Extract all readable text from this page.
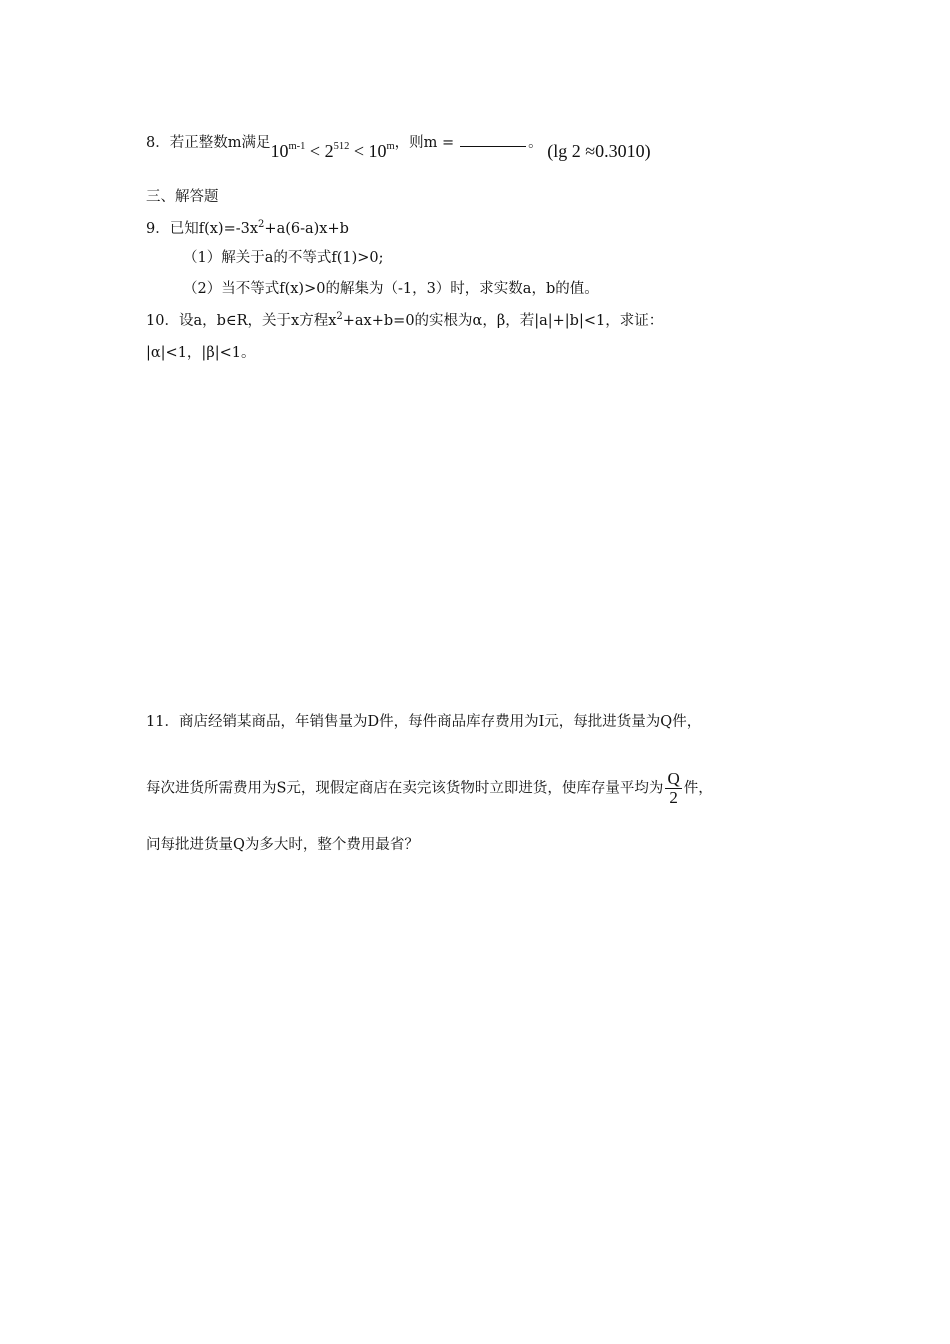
8．若正整数m满足$10^{m-1} < 2^{512} < 10^m$，则m =	。 (lg 2 ≈0.3010)
三、解答题
9．已知$f(x)=-3x^2+a(6-a)x+b$
（1）解关于a的不等式f(1)>0;
（2）当不等式f(x)>0的解集为（-1，3）时，求实数a，b的值。
10．设a，b∈R，关于x方程$x^2+ax+b=0$的实根为α，β，若|a|+|b|<1，求证：
|α|<1，|β|<1。
11．商店经销某商品，年销售量为D件，每件商品库存费用为I元，每批进货量为Q件，
每次进货所需费用为S元，现假定商店在卖完该货物时立即进货，使库存量平均为 $\frac{Q}{2}$ 件，
问每批进货量Q为多大时，整个费用最省？
